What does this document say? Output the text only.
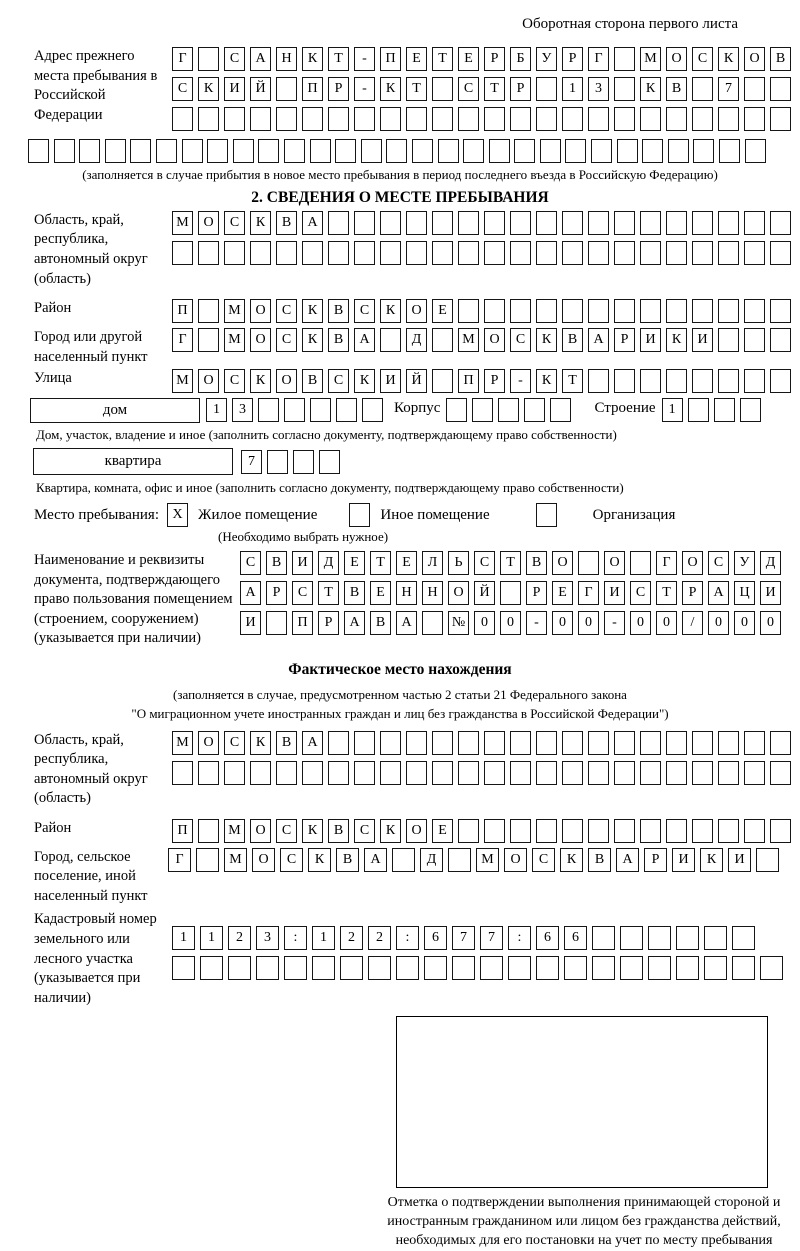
Оборотная сторона первого листа
Адрес прежнего места пребывания в Российской Федерации
Г	С	А	Н	К	Т	-	П	Е	Т	Е	Р	Б	У	Р	Г	М	О	С	К	О	В
С	К	И	Й	П	Р	-	К	Т	С	Т	Р	1	3	К	В	7
(заполняется в случае прибытия в новое место пребывания в период последнего въезда в Российскую Федерацию)
2. СВЕДЕНИЯ О МЕСТЕ ПРЕБЫВАНИЯ
Область, край, республика, автономный округ (область)
М	О	С	К	В	А
Район	П	М	О	С	К	В	С	К	О	Е
Город или другой населенный пункт
Г	М	О	С	К	В	А	Д	М	О	С	К	В	А	Р	И	К	И
Улица	М	О	С	К	О	В	С	К	И	Й	П	Р	-	К	Т
дом	1	3	Корпус	Строение 1
Дом, участок, владение и иное (заполнить согласно документу, подтверждающему право собственности)
квартира	7
Квартира, комната, офис и иное (заполнить согласно документу, подтверждающему право собственности)
Место пребывания: X	Жилое помещение	Иное помещение	Организация
(Необходимо выбрать нужное)
Наименование и реквизиты документа, подтверждающего право пользования помещением (строением, сооружением) (указывается при наличии)
С	В	И	Д	Е	Т	Е	Л	Ь	С	Т	В	О	О	Г	О	С	У	Д
А	Р	С	Т	В	Е	Н	Н	О	Й	Р	Е	Г	И	С	Т	Р	А	Ц	И
И	П	Р	А	В	А	№	0	0	-	0	0	-	0	0	/	0	0	0
Фактическое место нахождения
(заполняется в случае, предусмотренном частью 2 статьи 21 Федерального закона
"О миграционном учете иностранных граждан и лиц без гражданства в Российской Федерации")
Область, край, республика, автономный округ (область)
М	О	С	К	В	А
Район	П	М	О	С	К	В	С	К	О	Е
Город, сельское поселение, иной населенный пункт
Г	М	О	С	К	В	А	Д	М	О	С	К	В	А	Р	И	К	И
Кадастровый номер земельного или лесного участка (указывается при наличии)
1	1	2	3	:	1	2	2	:	6	7	7	:	6	6
Отметка о подтверждении выполнения принимающей стороной и иностранным гражданином или лицом без гражданства действий, необходимых для его постановки на учет по месту пребывания
